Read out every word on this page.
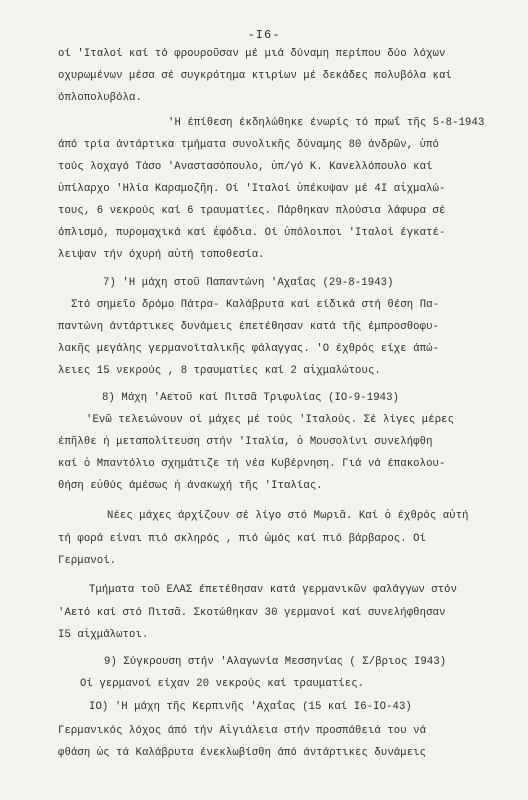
-I6-
οί 'Ιταλοί καί τό φρουροῦσαν μέ μιά δύναμη περίπου δύο λόχων
οχυρωμένων μέσα σέ συγκρότημα κτιρίων μέ δεκάδες πολυβόλα καί
όπλοπολυβόλα.
'Η έπίθεση έκδηλώθηκε ένωρίς τό πρωΐ τῆς 5-8-1943
άπό τρία άντάρτικα τμήματα συνολικῆς δύναμης 80 άνδρῶν, ὑπό
τούς λοχαγό Τάσο 'Αναστασόπουλο, ὑπ/γό Κ. Κανελλόπουλο καί
ὑπίλαρχο 'Ηλία Καραμοζῆη. Οί 'Ιταλοί ὑπέκυψαν μέ 4I αἰχμαλώ-
τους, 6 νεκρούς καί 6 τραυματίες. Πάρθηκαν πλούσια λάφυρα σέ
όπλισμό, πυρομαχικά καί ἐφόδια. Οί ὑπόλοιποι 'Ιταλοί έγκατέ-
λειψαν τήν όχυρή αὐτή τοποθεσία.
7) 'Η μάχη στοῦ Παπαντώνη 'Αχαΐας (29-8-1943)
Στό σημεῖο δρόμο Πάτρα- Καλάβρυτα καί είδικά στή θέση Πα-
παντώνη άντάρτικες δυνάμεις έπετέθησαν κατά τῆς έμπροσθοφυ-
λακῆς μεγάλης γερμανοϊταλικῆς φάλαγγας. 'Ο έχθρός είχε άπώ-
λειες 15 νεκρούς , 8 τραυματίες καί 2 αἰχμαλώτους.
8) Μάχη 'Αετοῦ καί Πιτσᾶ Τριφυλίας (IO-9-1943)
'Ενῶ τελειώνουν οί μάχες μέ τούς 'Ιταλούς. Σέ λίγες μέρες
έπῆλθε ἡ μεταπολίτευση στήν 'Ιταλία, ὁ Μουσολίνι συνελήφθη
καί ὁ Μπαντόλιο σχημάτιζε τή νέα Κυβέρνηση. Γιά νά έπακολου-
θήση εὐθύς άμέσως ἡ άνακωχή τῆς 'Ιταλίας.
Νέες μάχες άρχίζουν σέ λίγο στό Μωριᾶ. Καί ὁ έχθρός αὐτή
τή φορά είναι πιό σκληρός , πιό ὠμός καί πιό βάρβαρος. Οί
Γερμανοί.
Τμήματα τοῦ ΕΛΑΣ έπετέθησαν κατά γερμανικῶν φαλάγγων στόν
'Αετό καί στό Πιτσᾶ. Σκοτώθηκαν 30 γερμανοί καί συνελήφθησαν
I5 αἰχμάλωτοι.
9) Σύγκρουση στήν 'Αλαγωνία Μεσσηνίας ( Σ/βριος I943)
Οί γερμανοί είχαν 20 νεκρούς καί τραυματίες.
IO) 'Η μάχη τῆς Κερπινῆς 'Αχαΐας (15 καί I6-IO-43)
Γερμανικός λόχος άπό τήν Αἰγιάλεια στήν προσπάθειά του νά
φθάση ὡς τά Καλάβρυτα ένεκλωβίσθη άπό άντάρτικες δυνάμεις
